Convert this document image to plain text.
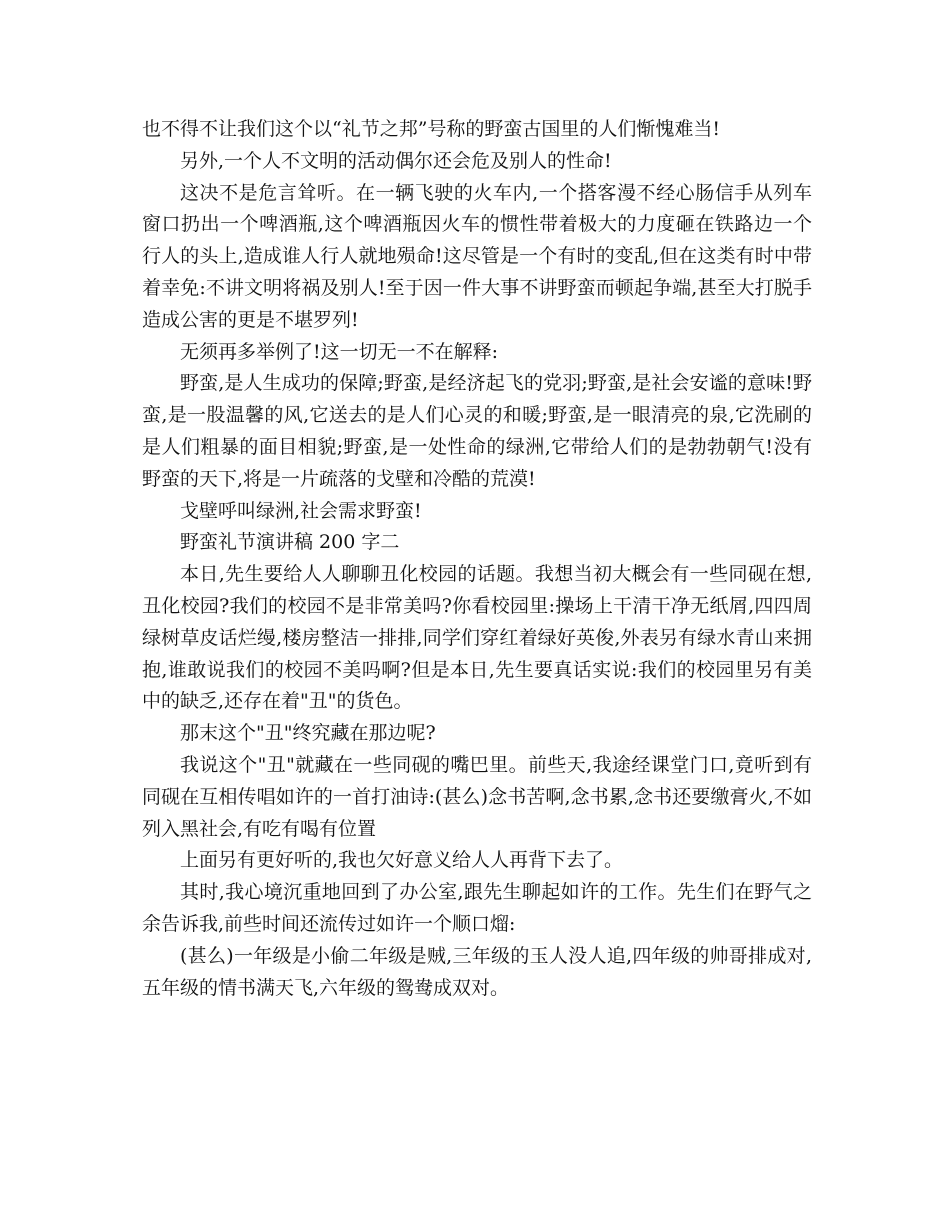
也不得不让我们这个以“礼节之邦”号称的野蛮古国里的人们惭愧难当!

另外,一个人不文明的活动偶尔还会危及别人的性命!

这决不是危言耸听。在一辆飞驶的火车内,一个搭客漫不经心肠信手从列车窗口扔出一个啤酒瓶,这个啤酒瓶因火车的惯性带着极大的力度砸在铁路边一个行人的头上,造成谁人行人就地殒命!这尽管是一个有时的变乱,但在这类有时中带着幸免:不讲文明将祸及别人!至于因一件大事不讲野蛮而顿起争端,甚至大打脱手造成公害的更是不堪罗列!

无须再多举例了!这一切无一不在解释:

野蛮,是人生成功的保障;野蛮,是经济起飞的党羽;野蛮,是社会安谧的意味!野蛮,是一股温馨的风,它送去的是人们心灵的和暖;野蛮,是一眼清亮的泉,它洗刷的是人们粗暴的面目相貌;野蛮,是一处性命的绿洲,它带给人们的是勃勃朝气!没有野蛮的天下,将是一片疏落的戈壁和冷酷的荒漠!

戈壁呼叫绿洲,社会需求野蛮!

野蛮礼节演讲稿 200 字二

本日,先生要给人人聊聊丑化校园的话题。我想当初大概会有一些同砚在想,丑化校园?我们的校园不是非常美吗?你看校园里:操场上干清干净无纸屑,四四周绿树草皮话烂缦,楼房整洁一排排,同学们穿红着绿好英俊,外表另有绿水青山来拥抱,谁敢说我们的校园不美吗啊?但是本日,先生要真话实说:我们的校园里另有美中的缺乏,还存在着"丑"的货色。

那末这个"丑"终究藏在那边呢?

我说这个"丑"就藏在一些同砚的嘴巴里。前些天,我途经课堂门口,竟听到有同砚在互相传唱如许的一首打油诗:(甚么)念书苦啊,念书累,念书还要缴膏火,不如列入黑社会,有吃有喝有位置

上面另有更好听的,我也欠好意义给人人再背下去了。

其时,我心境沉重地回到了办公室,跟先生聊起如许的工作。先生们在野气之余告诉我,前些时间还流传过如许一个顺口熘:

(甚么)一年级是小偷二年级是贼,三年级的玉人没人追,四年级的帅哥排成对,五年级的情书满天飞,六年级的鸳鸯成双对。
